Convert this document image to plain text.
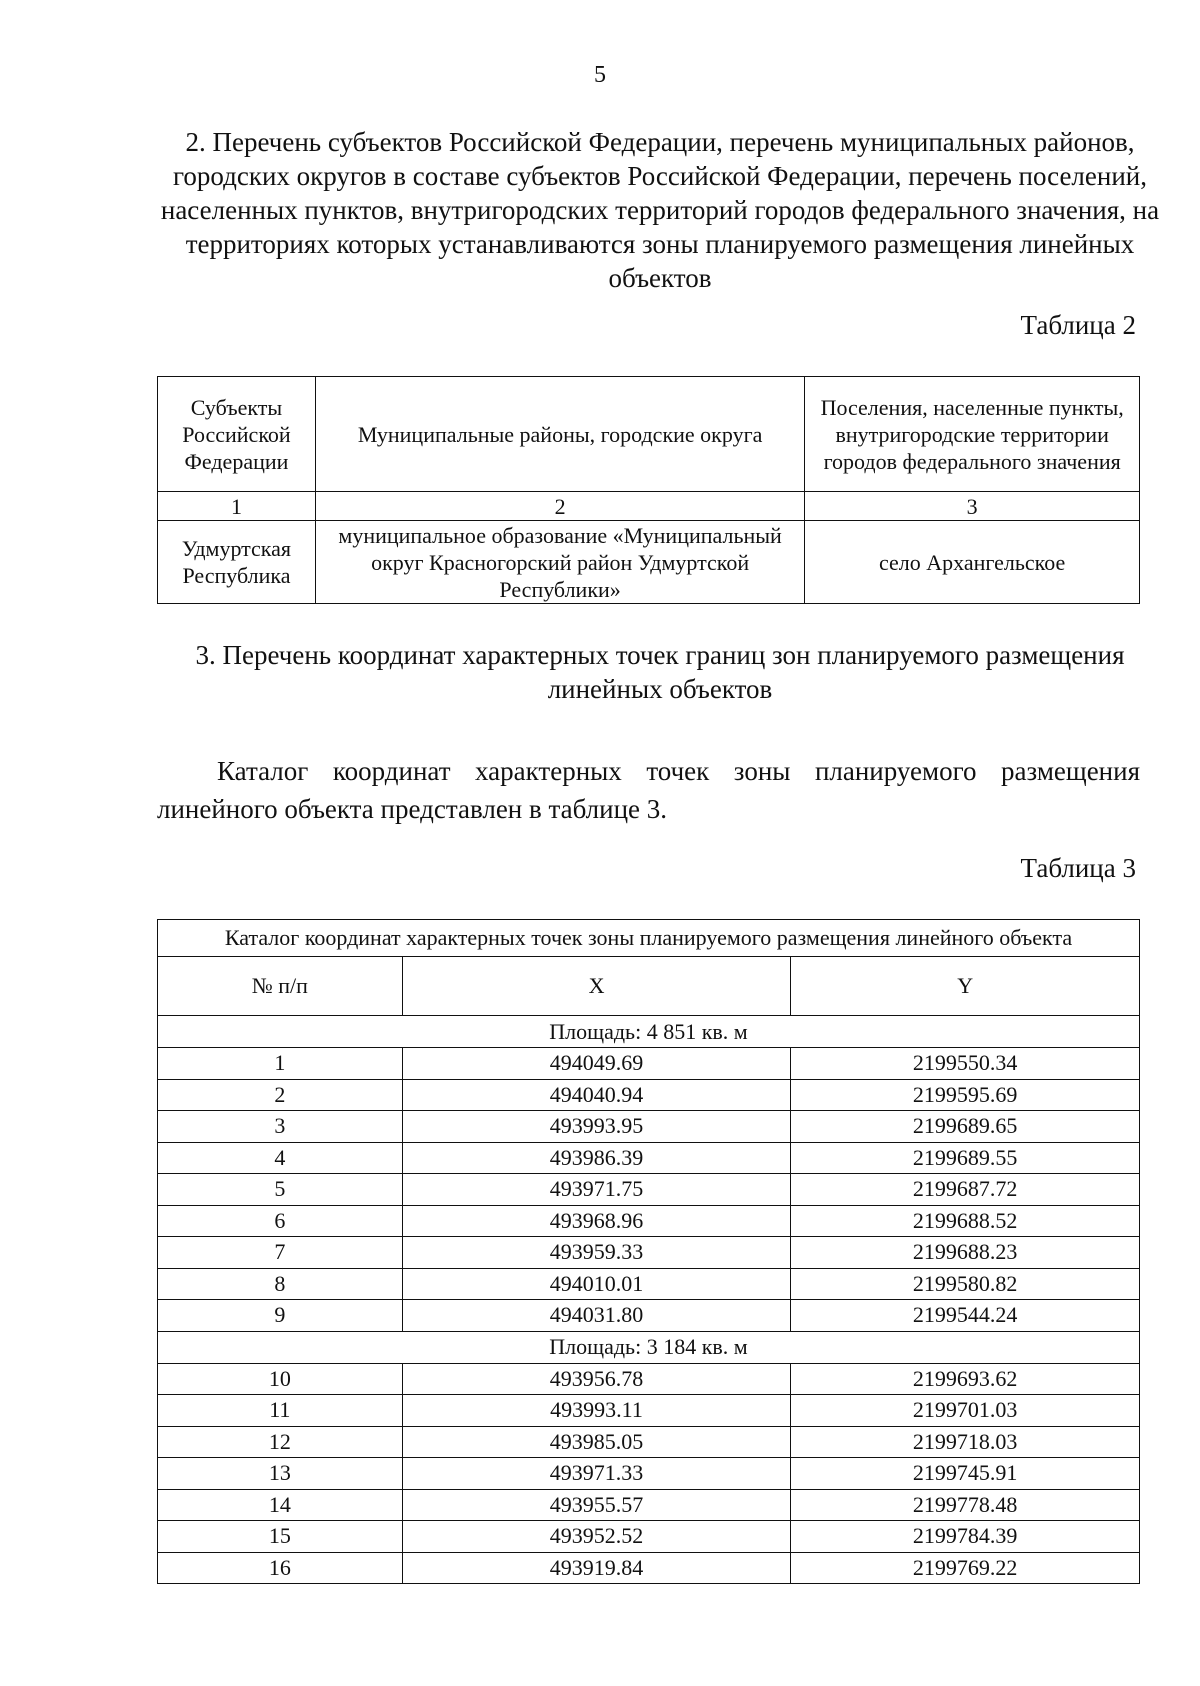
5
2. Перечень субъектов Российской Федерации, перечень муниципальных районов, городских округов в составе субъектов Российской Федерации, перечень поселений, населенных пунктов, внутригородских территорий городов федерального значения, на территориях которых устанавливаются зоны планируемого размещения линейных объектов
Таблица 2
Субъекты Российской Федерации	Муниципальные районы, городские округа	Поселения, населенные пункты, внутригородские территории городов федерального значения
1	2	3
Удмуртская Республика	муниципальное образование «Муниципальный округ Красногорский район Удмуртской Республики»	село Архангельское
3. Перечень координат характерных точек границ зон планируемого размещения линейных объектов
Каталог координат характерных точек зоны планируемого размещения линейного объекта представлен в таблице 3.
Таблица 3
Каталог координат характерных точек зоны планируемого размещения линейного объекта		
№ п/п	X	Y
Площадь: 4 851 кв. м		
1	494049.69	2199550.34
2	494040.94	2199595.69
3	493993.95	2199689.65
4	493986.39	2199689.55
5	493971.75	2199687.72
6	493968.96	2199688.52
7	493959.33	2199688.23
8	494010.01	2199580.82
9	494031.80	2199544.24
Площадь: 3 184 кв. м		
10	493956.78	2199693.62
11	493993.11	2199701.03
12	493985.05	2199718.03
13	493971.33	2199745.91
14	493955.57	2199778.48
15	493952.52	2199784.39
16	493919.84	2199769.22
